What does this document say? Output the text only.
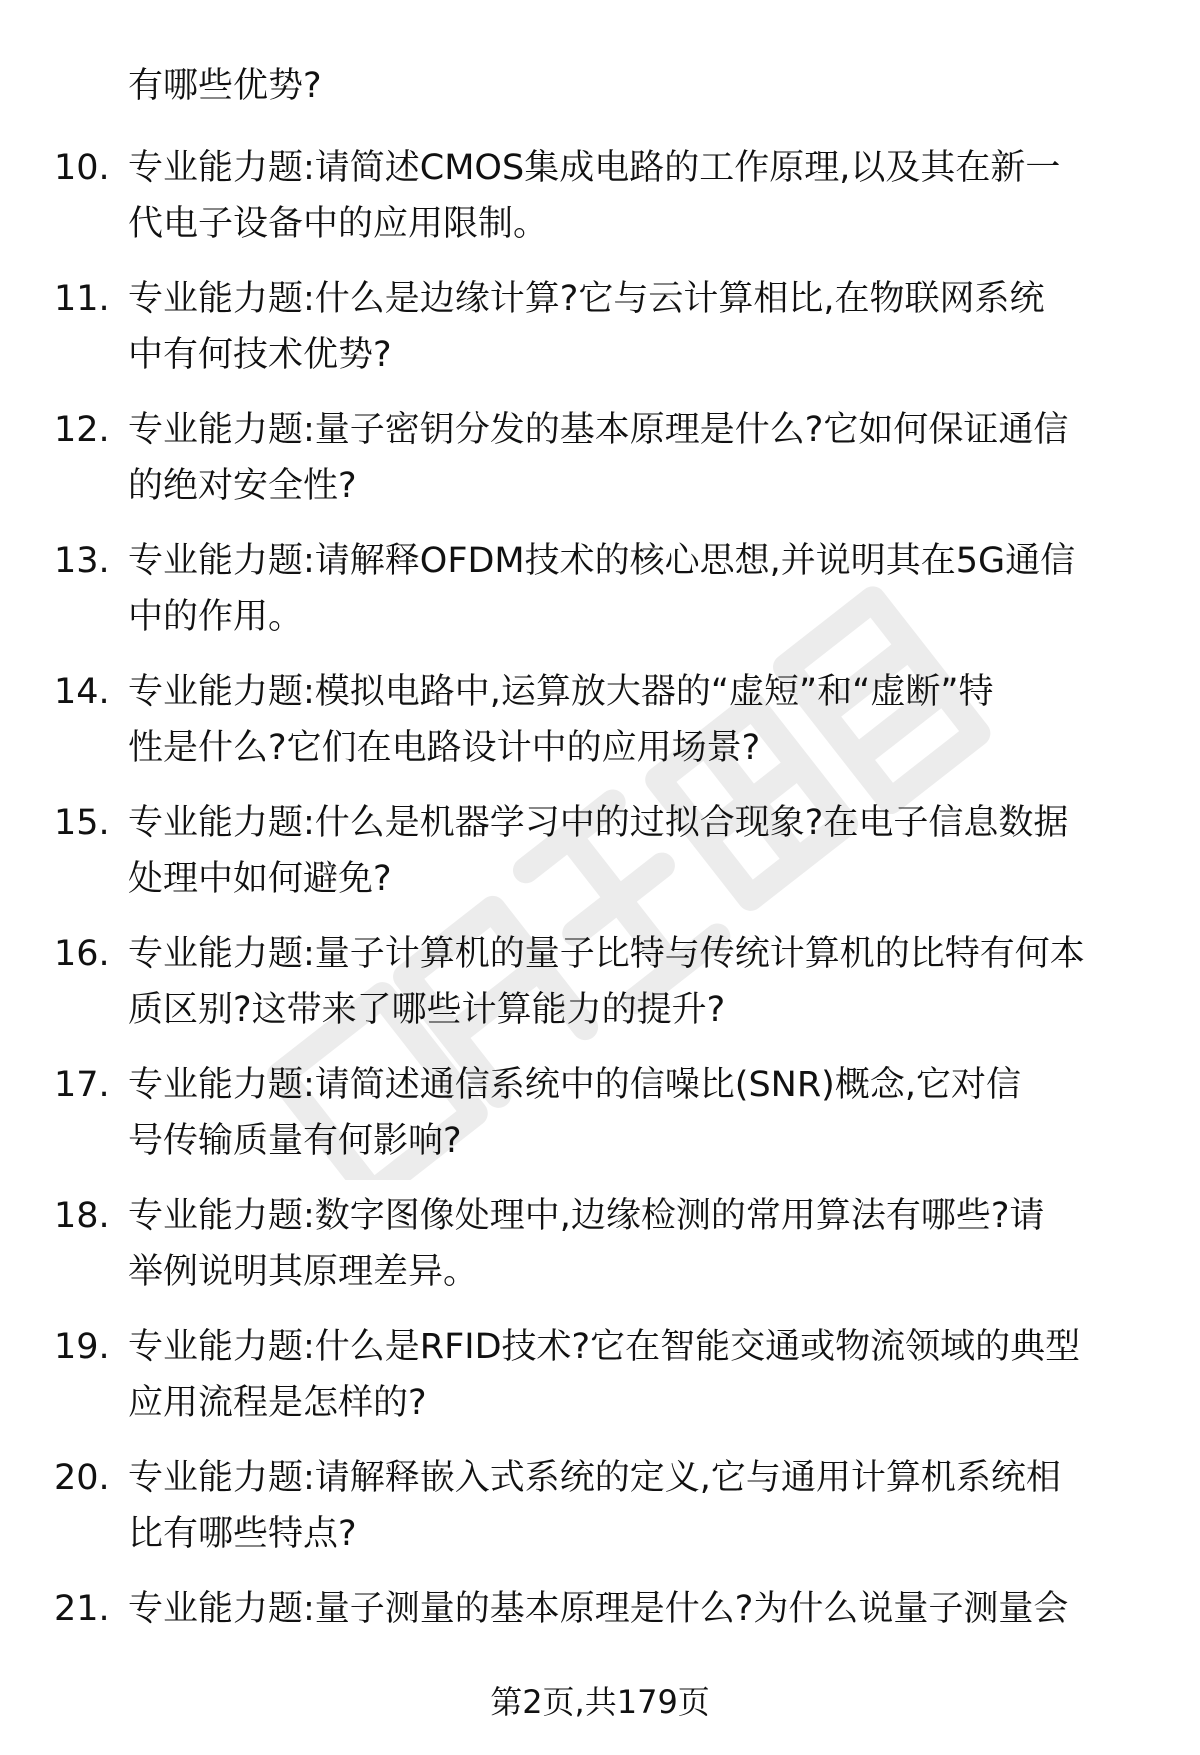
有哪些优势?
10. 专业能力题:请简述CMOS集成电路的工作原理,以及其在新一
代电子设备中的应用限制。
11. 专业能力题:什么是边缘计算?它与云计算相比,在物联网系统
中有何技术优势?
12. 专业能力题:量子密钥分发的基本原理是什么?它如何保证通信
的绝对安全性?
13. 专业能力题:请解释OFDM技术的核心思想,并说明其在5G通信
中的作用。
14. 专业能力题:模拟电路中,运算放大器的“虚短”和“虚断”特
性是什么?它们在电路设计中的应用场景?
15. 专业能力题:什么是机器学习中的过拟合现象?在电子信息数据
处理中如何避免?
16. 专业能力题:量子计算机的量子比特与传统计算机的比特有何本
质区别?这带来了哪些计算能力的提升?
17. 专业能力题:请简述通信系统中的信噪比(SNR)概念,它对信
号传输质量有何影响?
18. 专业能力题:数字图像处理中,边缘检测的常用算法有哪些?请
举例说明其原理差异。
19. 专业能力题:什么是RFID技术?它在智能交通或物流领域的典型
应用流程是怎样的?
20. 专业能力题:请解释嵌入式系统的定义,它与通用计算机系统相
比有哪些特点?
21. 专业能力题:量子测量的基本原理是什么?为什么说量子测量会
第2页,共179页
